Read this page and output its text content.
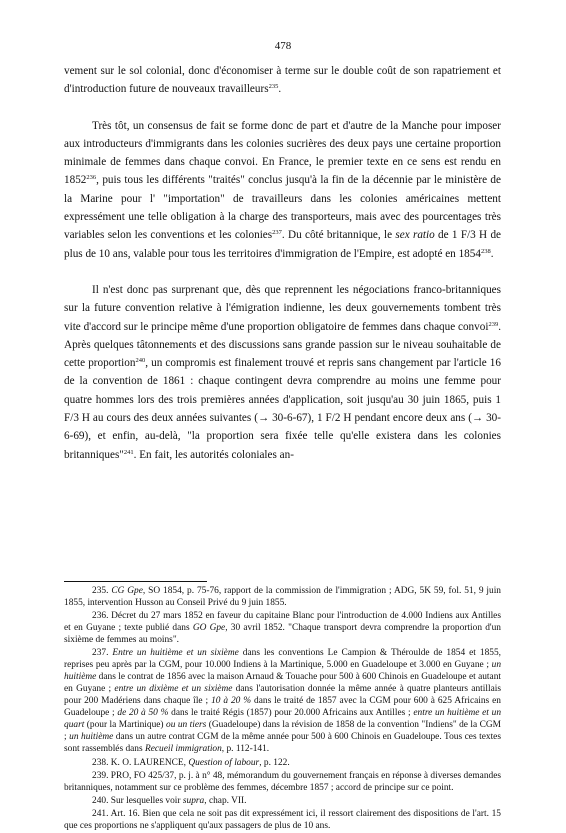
478

vement sur le sol colonial, donc d'économiser à terme sur le double coût de son rapatriement et d'introduction future de nouveaux travailleurs$^{235}$.

Très tôt, un consensus de fait se forme donc de part et d'autre de la Manche pour imposer aux introducteurs d'immigrants dans les colonies sucrières des deux pays une certaine proportion minimale de femmes dans chaque convoi. En France, le premier texte en ce sens est rendu en 1852$^{236}$, puis tous les différents "traités" conclus jusqu'à la fin de la décennie par le ministère de la Marine pour l' "importation" de travailleurs dans les colonies américaines mettent expressément une telle obligation à la charge des transporteurs, mais avec des pourcentages très variables selon les conventions et les colonies$^{237}$. Du côté britannique, le sex ratio de 1 F/3 H de plus de 10 ans, valable pour tous les territoires d'immigration de l'Empire, est adopté en 1854$^{238}$.

Il n'est donc pas surprenant que, dès que reprennent les négociations franco-britanniques sur la future convention relative à l'émigration indienne, les deux gouvernements tombent très vite d'accord sur le principe même d'une proportion obligatoire de femmes dans chaque convoi$^{239}$. Après quelques tâtonnements et des discussions sans grande passion sur le niveau souhaitable de cette proportion$^{240}$, un compromis est finalement trouvé et repris sans changement par l'article 16 de la convention de 1861 : chaque contingent devra comprendre au moins une femme pour quatre hommes lors des trois premières années d'application, soit jusqu'au 30 juin 1865, puis 1 F/3 H au cours des deux années suivantes (→ 30-6-67), 1 F/2 H pendant encore deux ans (→ 30-6-69), et enfin, au-delà, "la proportion sera fixée telle qu'elle existera dans les colonies britanniques"$^{241}$. En fait, les autorités coloniales an-

235. CG Gpe, SO 1854, p. 75-76, rapport de la commission de l'immigration ; ADG, 5K 59, fol. 51, 9 juin 1855, intervention Husson au Conseil Privé du 9 juin 1855.

236. Décret du 27 mars 1852 en faveur du capitaine Blanc pour l'introduction de 4.000 Indiens aux Antilles et en Guyane ; texte publié dans GO Gpe, 30 avril 1852. "Chaque transport devra comprendre la proportion d'un sixième de femmes au moins".

237. Entre un huitième et un sixième dans les conventions Le Campion & Théroulde de 1854 et 1855, reprises peu après par la CGM, pour 10.000 Indiens à la Martinique, 5.000 en Guadeloupe et 3.000 en Guyane ; un huitième dans le contrat de 1856 avec la maison Arnaud & Touache pour 500 à 600 Chinois en Guadeloupe et autant en Guyane ; entre un dixième et un sixième dans l'autorisation donnée la même année à quatre planteurs antillais pour 200 Madériens dans chaque île ; 10 à 20 % dans le traité de 1857 avec la CGM pour 600 à 625 Africains en Guadeloupe ; de 20 à 50 % dans le traité Régis (1857) pour 20.000 Africains aux Antilles ; entre un huitième et un quart (pour la Martinique) ou un tiers (Guadeloupe) dans la révision de 1858 de la convention "Indiens" de la CGM ; un huitième dans un autre contrat CGM de la même année pour 500 à 600 Chinois en Guadeloupe. Tous ces textes sont rassemblés dans Recueil immigration, p. 112-141.

238. K. O. LAURENCE, Question of labour, p. 122.

239. PRO, FO 425/37, p. j. à n° 48, mémorandum du gouvernement français en réponse à diverses demandes britanniques, notamment sur ce problème des femmes, décembre 1857 ; accord de principe sur ce point.

240. Sur lesquelles voir supra, chap. VII.

241. Art. 16. Bien que cela ne soit pas dit expressément ici, il ressort clairement des dispositions de l'art. 15 que ces proportions ne s'appliquent qu'aux passagers de plus de 10 ans.
